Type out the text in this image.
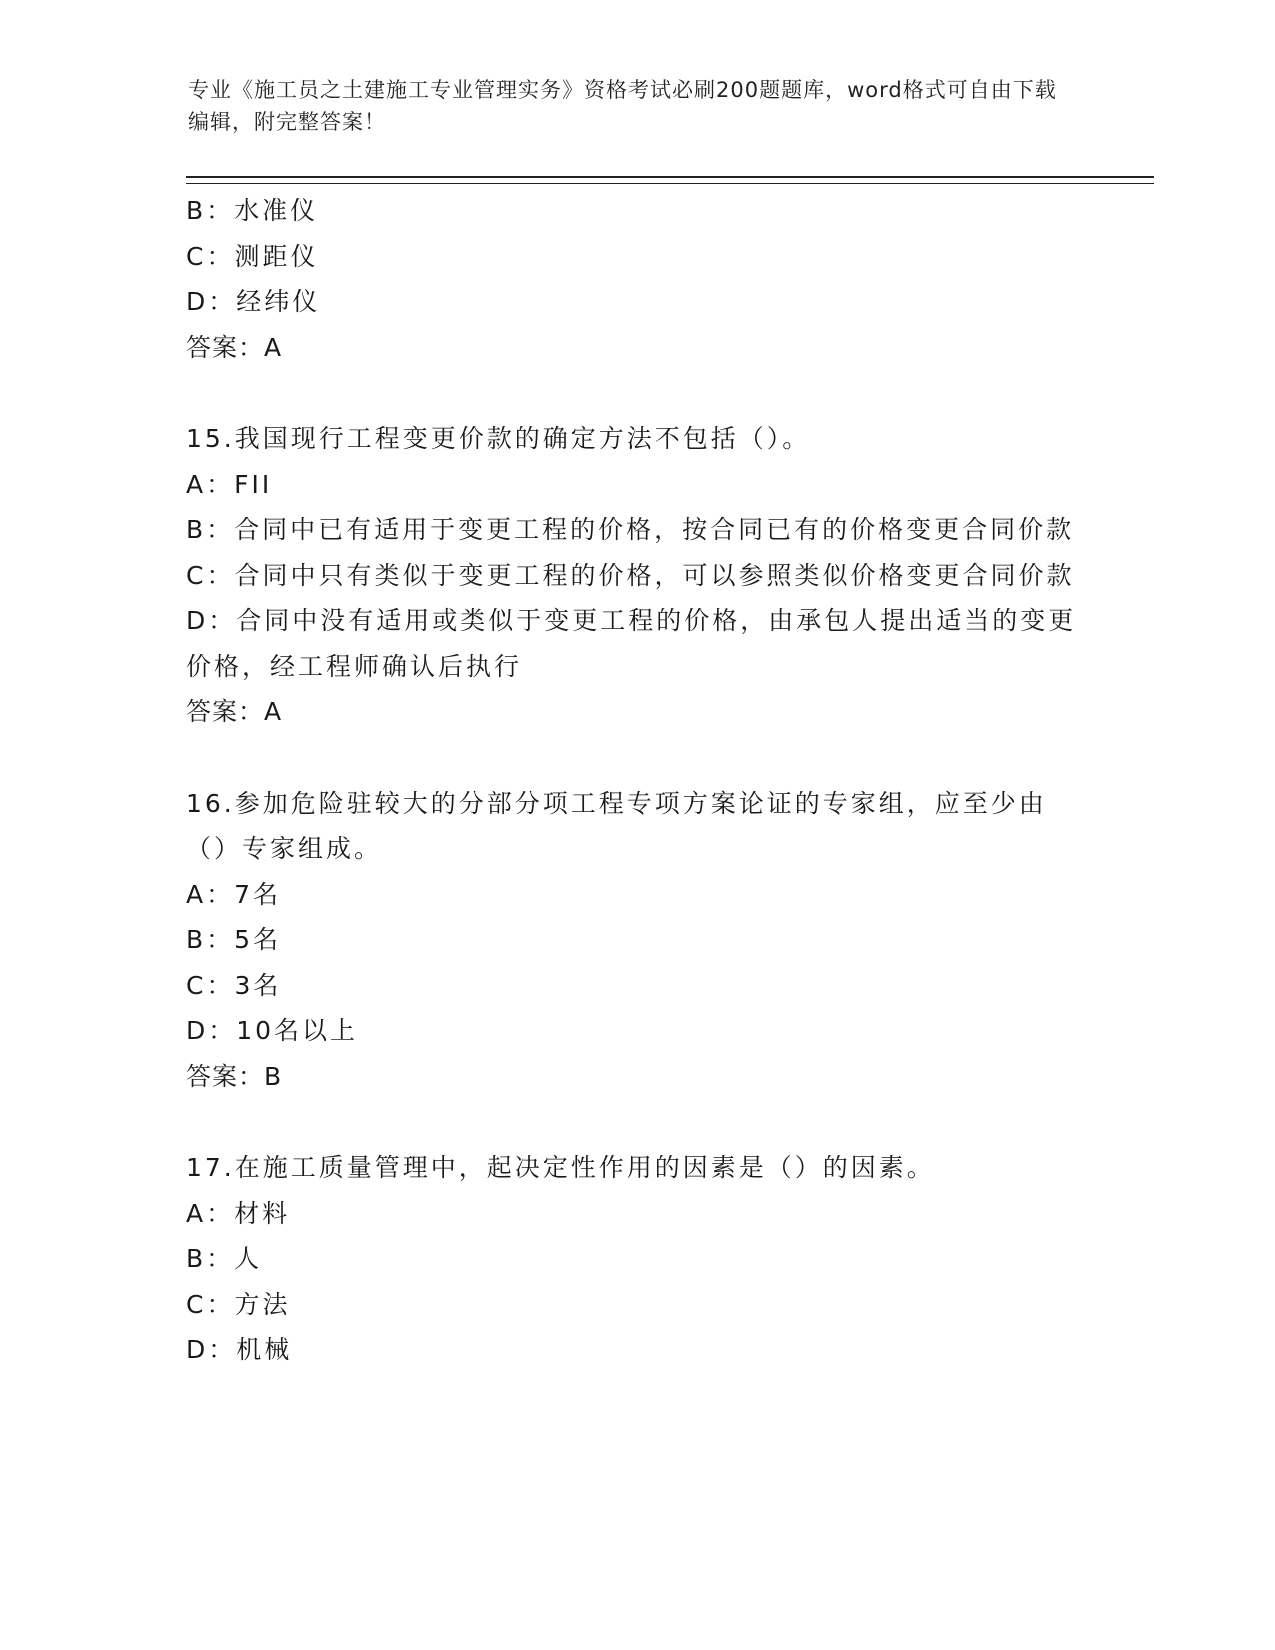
专业《施工员之土建施工专业管理实务》资格考试必刷200题题库，word格式可自由下载编辑，附完整答案！
B：水准仪
C：测距仪
D：经纬仪
答案：A
15.我国现行工程变更价款的确定方法不包括（）。
A：FII
B：合同中已有适用于变更工程的价格，按合同已有的价格变更合同价款
C：合同中只有类似于变更工程的价格，可以参照类似价格变更合同价款
D：合同中没有适用或类似于变更工程的价格，由承包人提出适当的变更价格，经工程师确认后执行
答案：A
16.参加危险驻较大的分部分项工程专项方案论证的专家组，应至少由（）专家组成。
A：7名
B：5名
C：3名
D：10名以上
答案：B
17.在施工质量管理中，起决定性作用的因素是（）的因素。
A：材料
B：人
C：方法
D：机械
